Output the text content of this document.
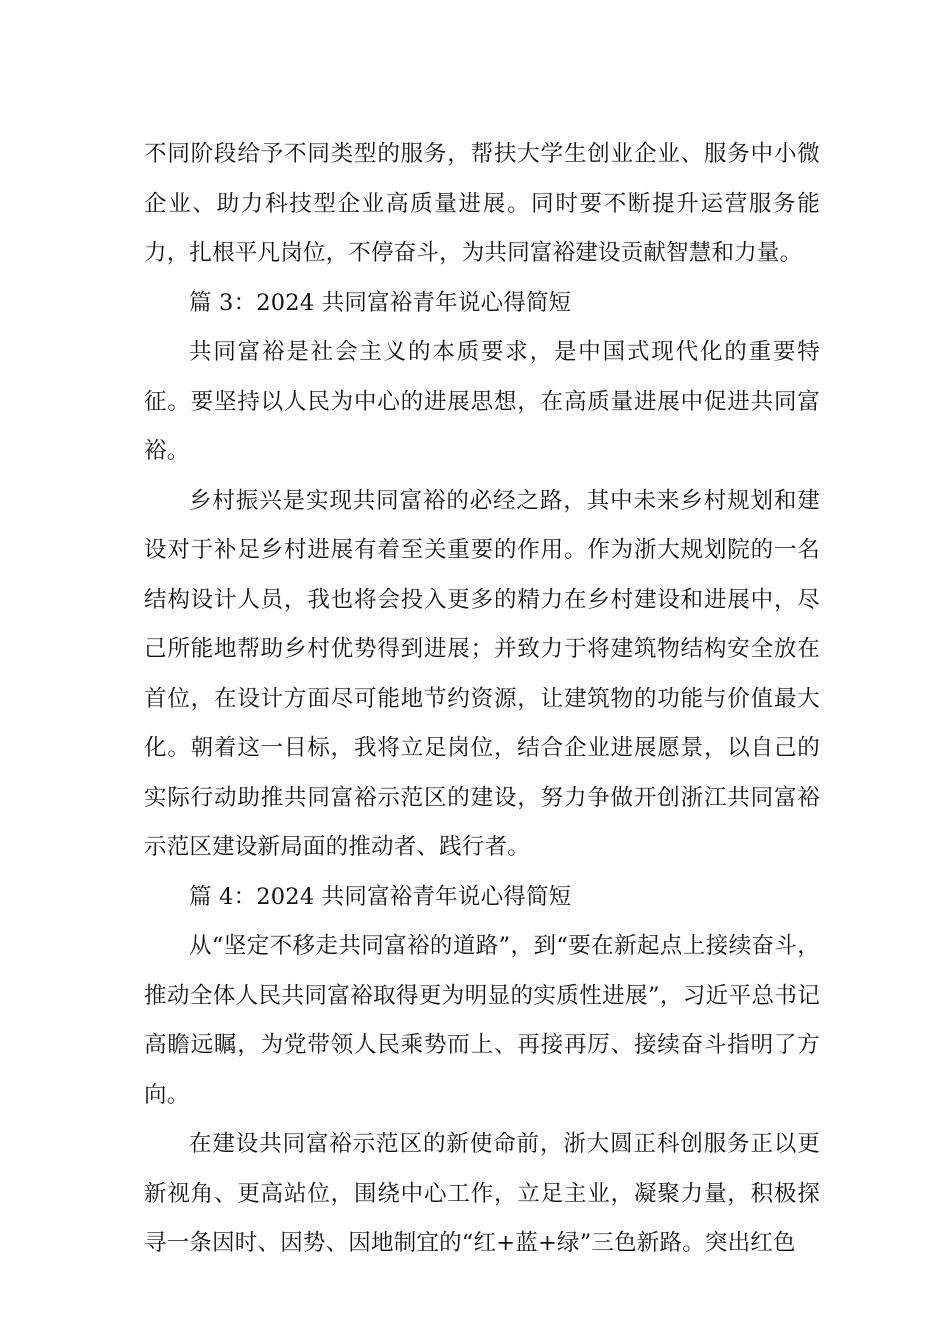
不同阶段给予不同类型的服务，帮扶大学生创业企业、服务中小微企业、助力科技型企业高质量进展。同时要不断提升运营服务能力，扎根平凡岗位，不停奋斗，为共同富裕建设贡献智慧和力量。

篇 3：2024 共同富裕青年说心得简短

共同富裕是社会主义的本质要求，是中国式现代化的重要特征。要坚持以人民为中心的进展思想，在高质量进展中促进共同富裕。

乡村振兴是实现共同富裕的必经之路，其中未来乡村规划和建设对于补足乡村进展有着至关重要的作用。作为浙大规划院的一名结构设计人员，我也将会投入更多的精力在乡村建设和进展中，尽己所能地帮助乡村优势得到进展；并致力于将建筑物结构安全放在首位，在设计方面尽可能地节约资源，让建筑物的功能与价值最大化。朝着这一目标，我将立足岗位，结合企业进展愿景，以自己的实际行动助推共同富裕示范区的建设，努力争做开创浙江共同富裕示范区建设新局面的推动者、践行者。

篇 4：2024 共同富裕青年说心得简短

从“坚定不移走共同富裕的道路”，到“要在新起点上接续奋斗，推动全体人民共同富裕取得更为明显的实质性进展”，习近平总书记高瞻远瞩，为党带领人民乘势而上、再接再厉、接续奋斗指明了方向。

在建设共同富裕示范区的新使命前，浙大圆正科创服务正以更新视角、更高站位，围绕中心工作，立足主业，凝聚力量，积极探寻一条因时、因势、因地制宜的“红+蓝+绿”三色新路。突出红色
